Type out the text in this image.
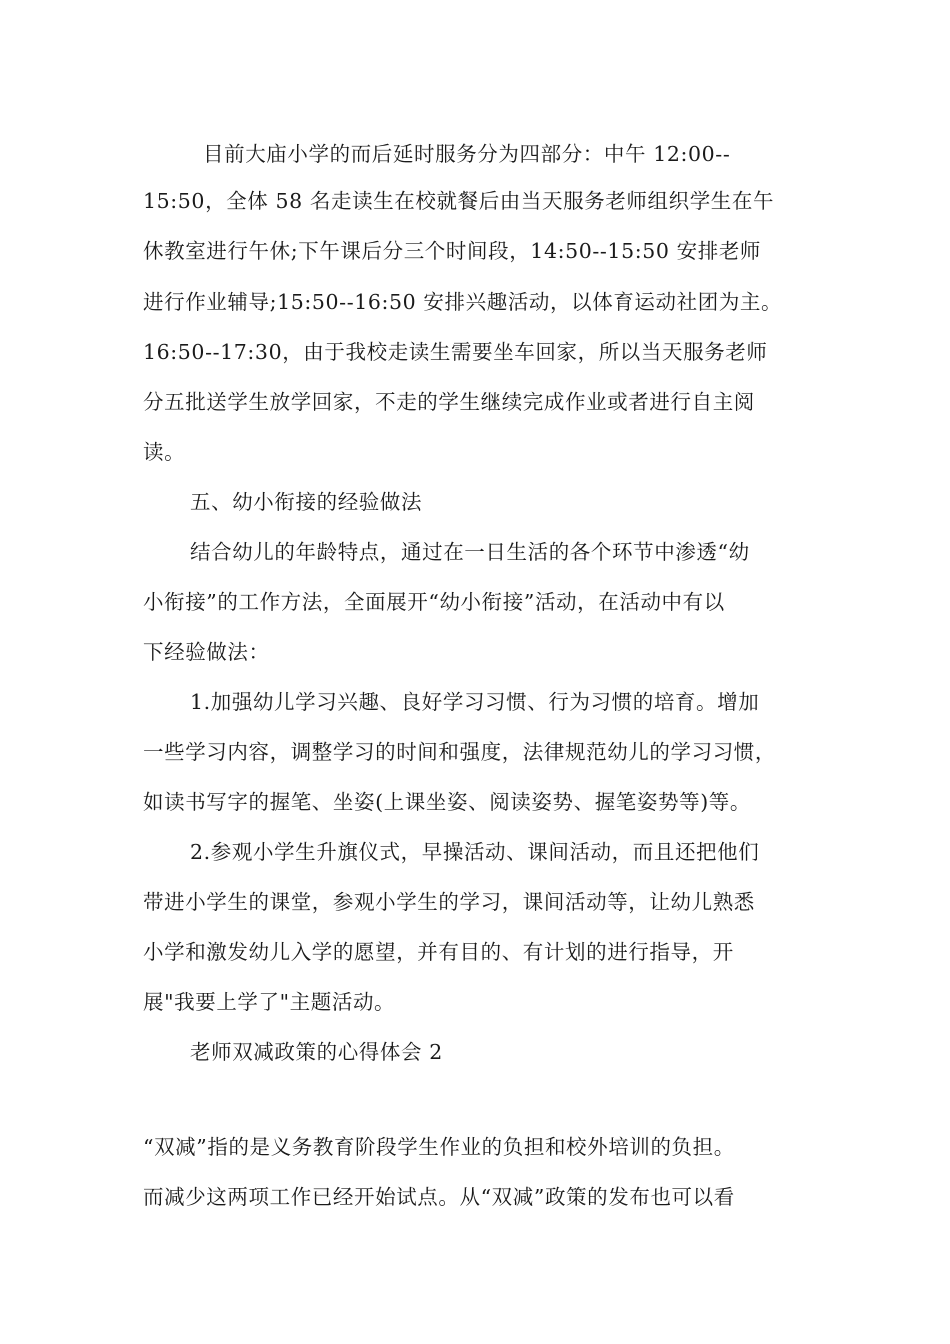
目前大庙小学的而后延时服务分为四部分：中午 12:00--
15:50，全体 58 名走读生在校就餐后由当天服务老师组织学生在午
休教室进行午休;下午课后分三个时间段，14:50--15:50 安排老师
进行作业辅导;15:50--16:50 安排兴趣活动，以体育运动社团为主。
16:50--17:30，由于我校走读生需要坐车回家，所以当天服务老师
分五批送学生放学回家，不走的学生继续完成作业或者进行自主阅
读。
五、幼小衔接的经验做法
结合幼儿的年龄特点，通过在一日生活的各个环节中渗透“幼
小衔接”的工作方法，全面展开“幼小衔接”活动，在活动中有以
下经验做法：
1.加强幼儿学习兴趣、良好学习习惯、行为习惯的培育。增加
一些学习内容，调整学习的时间和强度，法律规范幼儿的学习习惯，
如读书写字的握笔、坐姿(上课坐姿、阅读姿势、握笔姿势等)等。
2.参观小学生升旗仪式，早操活动、课间活动，而且还把他们
带进小学生的课堂，参观小学生的学习，课间活动等，让幼儿熟悉
小学和激发幼儿入学的愿望，并有目的、有计划的进行指导，开
展"我要上学了"主题活动。
老师双减政策的心得体会 2
“双减”指的是义务教育阶段学生作业的负担和校外培训的负担。
而减少这两项工作已经开始试点。从“双减”政策的发布也可以看
